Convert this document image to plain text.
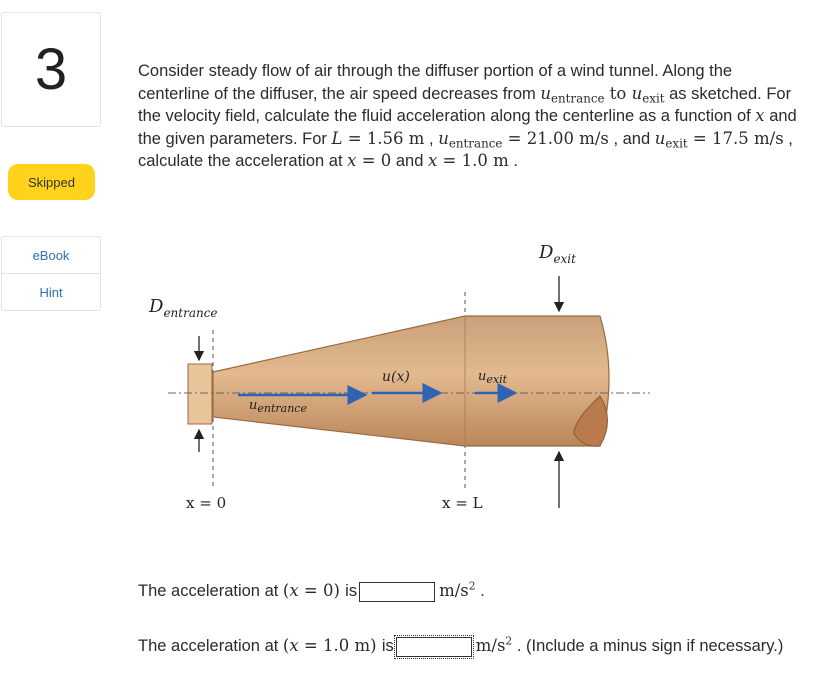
3
Skipped
eBook
Hint
Consider steady flow of air through the diffuser portion of a wind tunnel. Along the centerline of the diffuser, the air speed decreases from $u_{entrance}$ to $u_{exit}$ as sketched. For the velocity field, calculate the fluid acceleration along the centerline as a function of x and the given parameters. For L = 1.56 m , $u_{entrance} = 21.00$ m/s , and $u_{exit} = 17.5$ m/s , calculate the acceleration at x = 0 and x = 1.0 m .
$D_{entrance}$
$D_{exit}$
u(x)
$u_{entrance}$
$u_{exit}$
x = 0	x = L
The acceleration at (x = 0) is	$m/s^2$ .
The acceleration at (x = 1.0 m) is	$m/s^2$ . (Include a minus sign if necessary.)
